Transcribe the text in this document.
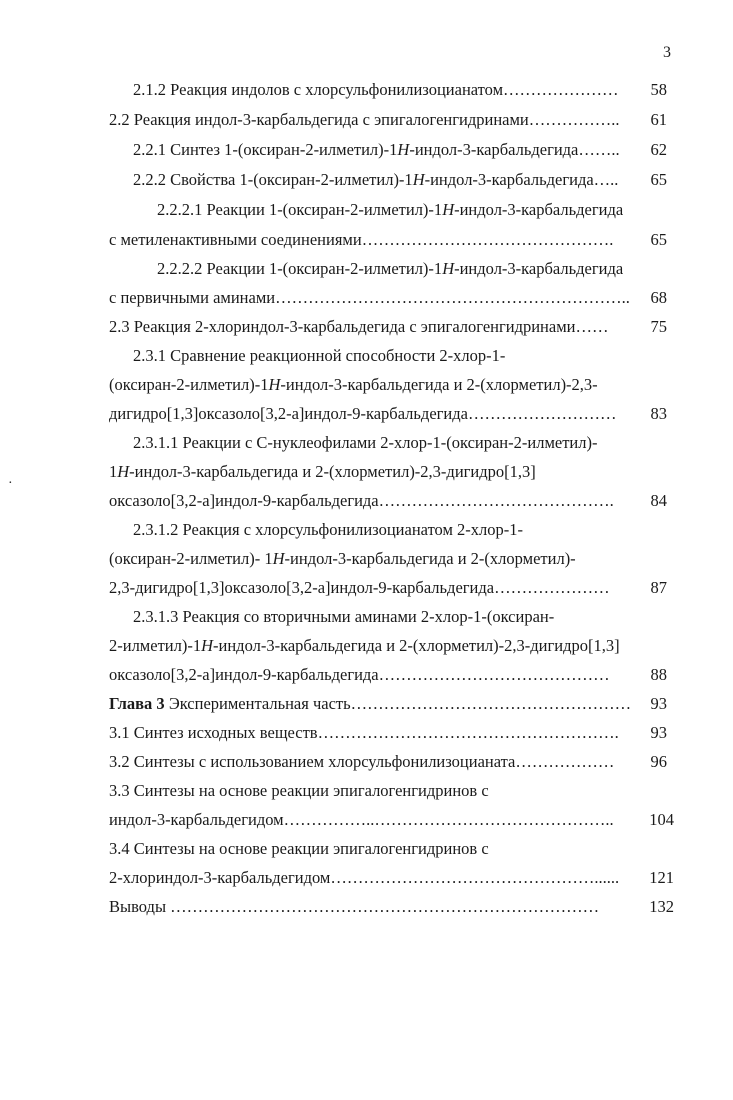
3
·
2.1.2 Реакция индолов с хлорсульфонилизоцианатом…………………	58
2.2 Реакция индол-3-карбальдегида с эпигалогенгидринами……………..	61
2.2.1 Синтез 1-(оксиран-2-илметил)-1H-индол-3-карбальдегида……..	62
2.2.2 Свойства 1-(оксиран-2-илметил)-1H-индол-3-карбальдегида…..	65
2.2.2.1 Реакции 1-(оксиран-2-илметил)-1H-индол-3-карбальдегида
с метиленактивными соединениями……………………………………….	65
2.2.2.2 Реакции 1-(оксиран-2-илметил)-1H-индол-3-карбальдегида
с первичными аминами………………………………………………………..	68
2.3 Реакция 2-хлориндол-3-карбальдегида с эпигалогенгидринами……	75
2.3.1 Сравнение реакционной способности 2-хлор-1-
(оксиран-2-илметил)-1H-индол-3-карбальдегида и 2-(хлорметил)-2,3-
дигидро[1,3]оксазоло[3,2-a]индол-9-карбальдегида………………………	83
2.3.1.1 Реакции с С-нуклеофилами 2-хлор-1-(оксиран-2-илметил)-
1H-индол-3-карбальдегида и 2-(хлорметил)-2,3-дигидро[1,3]
оксазоло[3,2-a]индол-9-карбальдегида…………………………………….	84
2.3.1.2 Реакция с хлорсульфонилизоцианатом 2-хлор-1-
(оксиран-2-илметил)- 1H-индол-3-карбальдегида и 2-(хлорметил)-
2,3-дигидро[1,3]оксазоло[3,2-a]индол-9-карбальдегида…………………	87
2.3.1.3 Реакция со вторичными аминами 2-хлор-1-(оксиран-
2-илметил)-1H-индол-3-карбальдегида и 2-(хлорметил)-2,3-дигидро[1,3]
оксазоло[3,2-a]индол-9-карбальдегида……………………………………	88
Глава 3 Экспериментальная часть……………………………………………	93
3.1 Синтез исходных веществ……………………………………………….	93
3.2 Синтезы с использованием хлорсульфонилизоцианата………………	96
3.3 Синтезы на основе реакции эпигалогенгидринов с
индол-3-карбальдегидом……………..……………………………………..	104
3.4 Синтезы на основе реакции эпигалогенгидринов с
2-хлориндол-3-карбальдегидом…………………………………………......	121
Выводы ……………………………………………………………………	132
